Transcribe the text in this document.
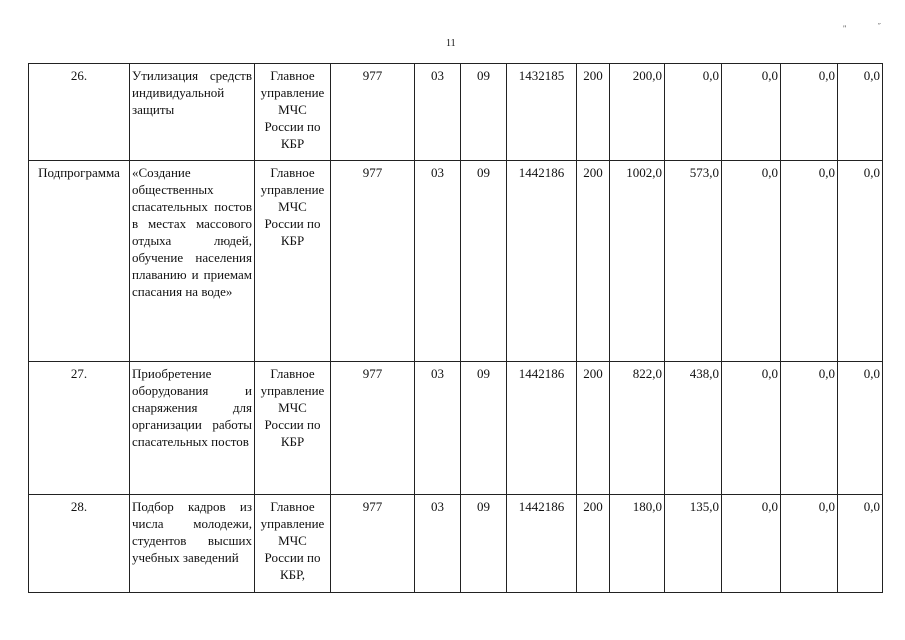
11
"	˝
26.	Утилизация средств индивидуальной защиты	Главное управление МЧС России по КБР	977	03	09	1432185	200	200,0	0,0	0,0	0,0	0,0
Подпрограмма	«Создание общественных спасательных постов в местах массового отдыха людей, обучение населения плаванию и приемам спасания на воде»	Главное управление МЧС России по КБР	977	03	09	1442186	200	1002,0	573,0	0,0	0,0	0,0
27.	Приобретение оборудования и снаряжения для организации работы спасательных постов	Главное управление МЧС России по КБР	977	03	09	1442186	200	822,0	438,0	0,0	0,0	0,0
28.	Подбор кадров из числа молодежи, студентов высших учебных заведений	Главное управление МЧС России по КБР,	977	03	09	1442186	200	180,0	135,0	0,0	0,0	0,0
